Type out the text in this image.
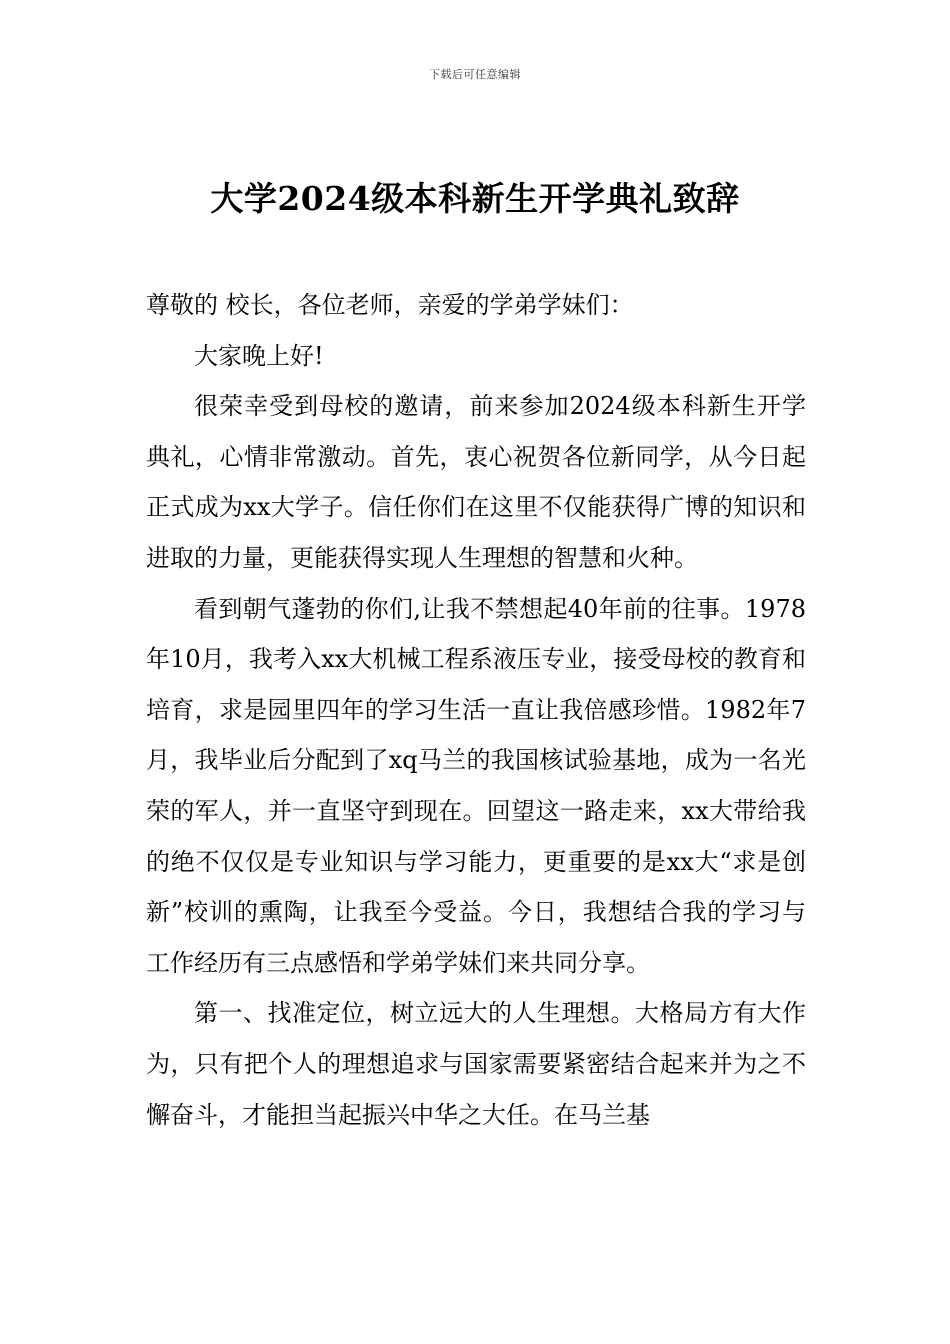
下载后可任意编辑
大学2024级本科新生开学典礼致辞

尊敬的 校长，各位老师，亲爱的学弟学妹们：

大家晚上好!

很荣幸受到母校的邀请，前来参加2024级本科新生开学典礼，心情非常激动。首先，衷心祝贺各位新同学，从今日起正式成为xx大学子。信任你们在这里不仅能获得广博的知识和进取的力量，更能获得实现人生理想的智慧和火种。

看到朝气蓬勃的你们,让我不禁想起40年前的往事。1978年10月，我考入xx大机械工程系液压专业，接受母校的教育和培育，求是园里四年的学习生活一直让我倍感珍惜。1982年7月，我毕业后分配到了xq马兰的我国核试验基地，成为一名光荣的军人，并一直坚守到现在。回望这一路走来，xx大带给我的绝不仅仅是专业知识与学习能力，更重要的是xx大“求是创新”校训的熏陶，让我至今受益。今日，我想结合我的学习与工作经历有三点感悟和学弟学妹们来共同分享。

第一、找准定位，树立远大的人生理想。大格局方有大作为，只有把个人的理想追求与国家需要紧密结合起来并为之不懈奋斗，才能担当起振兴中华之大任。在马兰基
